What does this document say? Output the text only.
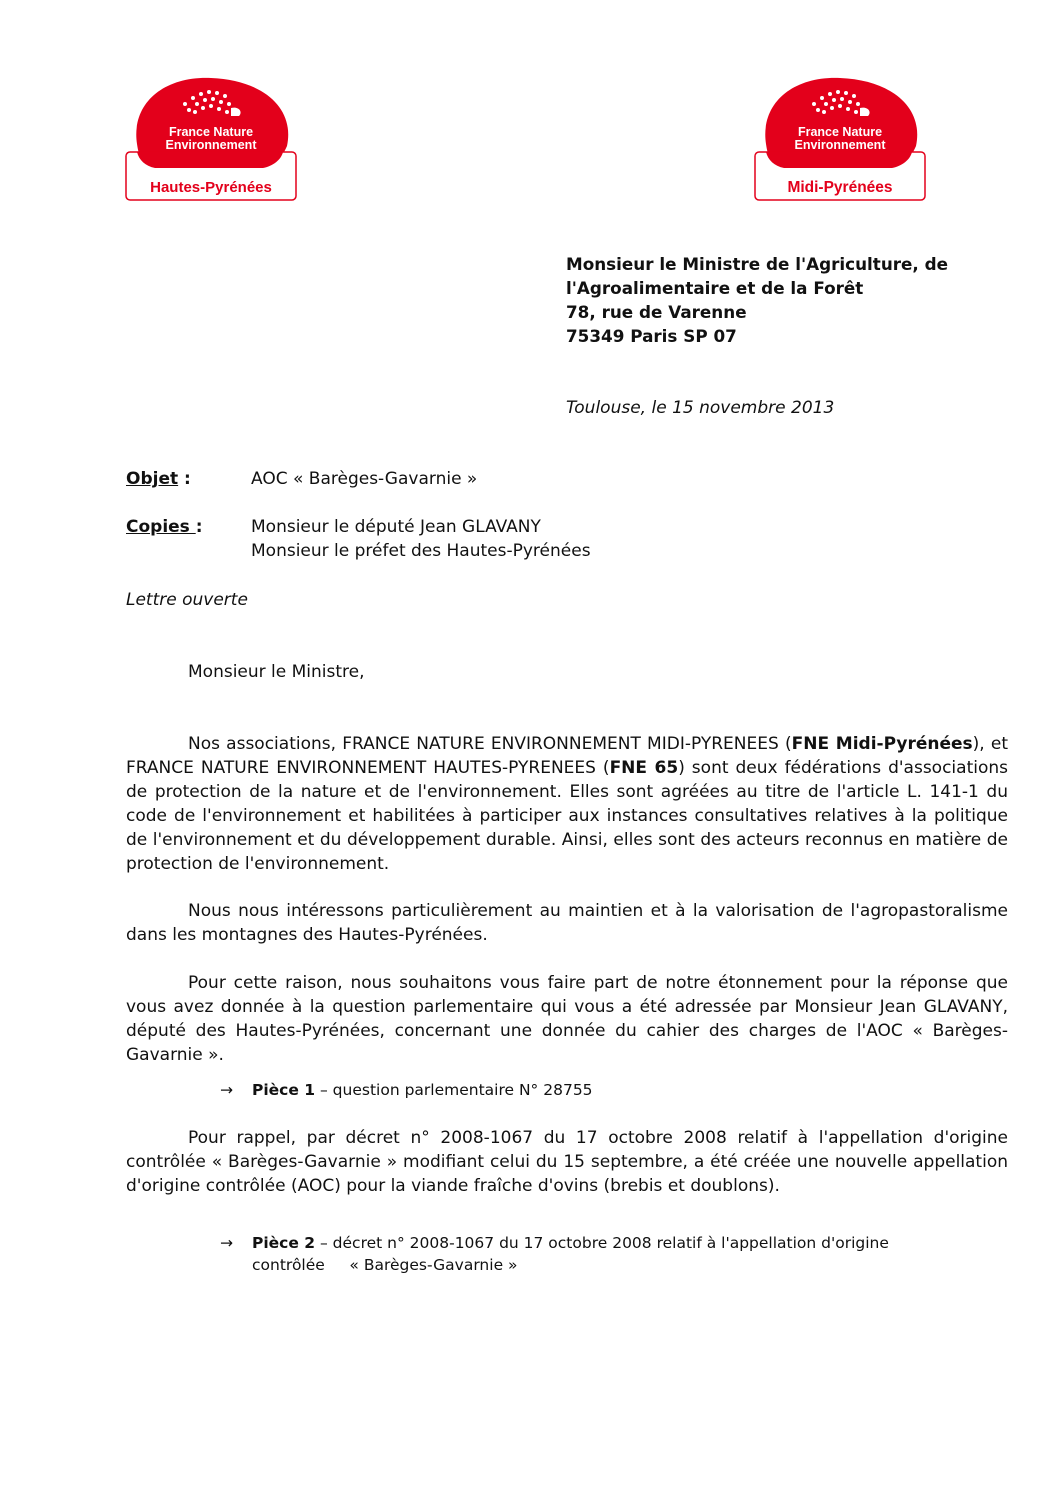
France Nature
Environnement
Hautes-Pyrénées
France Nature
Environnement
Midi-Pyrénées
Monsieur le Ministre de l'Agriculture, de
l'Agroalimentaire et de la Forêt
78, rue de Varenne
75349 Paris SP 07
Toulouse, le 15 novembre 2013
Objet :	AOC « Barèges-Gavarnie »
Copies :	Monsieur le député Jean GLAVANY
Monsieur le préfet des Hautes-Pyrénées
Lettre ouverte
Monsieur le Ministre,

Nos associations, FRANCE NATURE ENVIRONNEMENT MIDI-PYRENEES (FNE Midi-Pyrénées), et FRANCE NATURE ENVIRONNEMENT HAUTES-PYRENEES (FNE 65) sont deux fédérations d'associations de protection de la nature et de l'environnement. Elles sont agréées au titre de l'article L. 141-1 du code de l'environnement et habilitées à participer aux instances consultatives relatives à la politique de l'environnement et du développement durable. Ainsi, elles sont des acteurs reconnus en matière de protection de l'environnement.

Nous nous intéressons particulièrement au maintien et à la valorisation de l'agropastoralisme dans les montagnes des Hautes-Pyrénées.

Pour cette raison, nous souhaitons vous faire part de notre étonnement pour la réponse que vous avez donnée à la question parlementaire qui vous a été adressée par Monsieur Jean GLAVANY, député des Hautes-Pyrénées, concernant une donnée du cahier des charges de l'AOC « Barèges-Gavarnie ».

→ Pièce 1 – question parlementaire N° 28755

Pour rappel, par décret n° 2008-1067 du 17 octobre 2008 relatif à l'appellation d'origine contrôlée « Barèges-Gavarnie » modifiant celui du 15 septembre, a été créée une nouvelle appellation d'origine contrôlée (AOC) pour la viande fraîche d'ovins (brebis et doublons).

→ Pièce 2 – décret n° 2008-1067 du 17 octobre 2008 relatif à l'appellation d'origine
contrôlée     « Barèges-Gavarnie »
